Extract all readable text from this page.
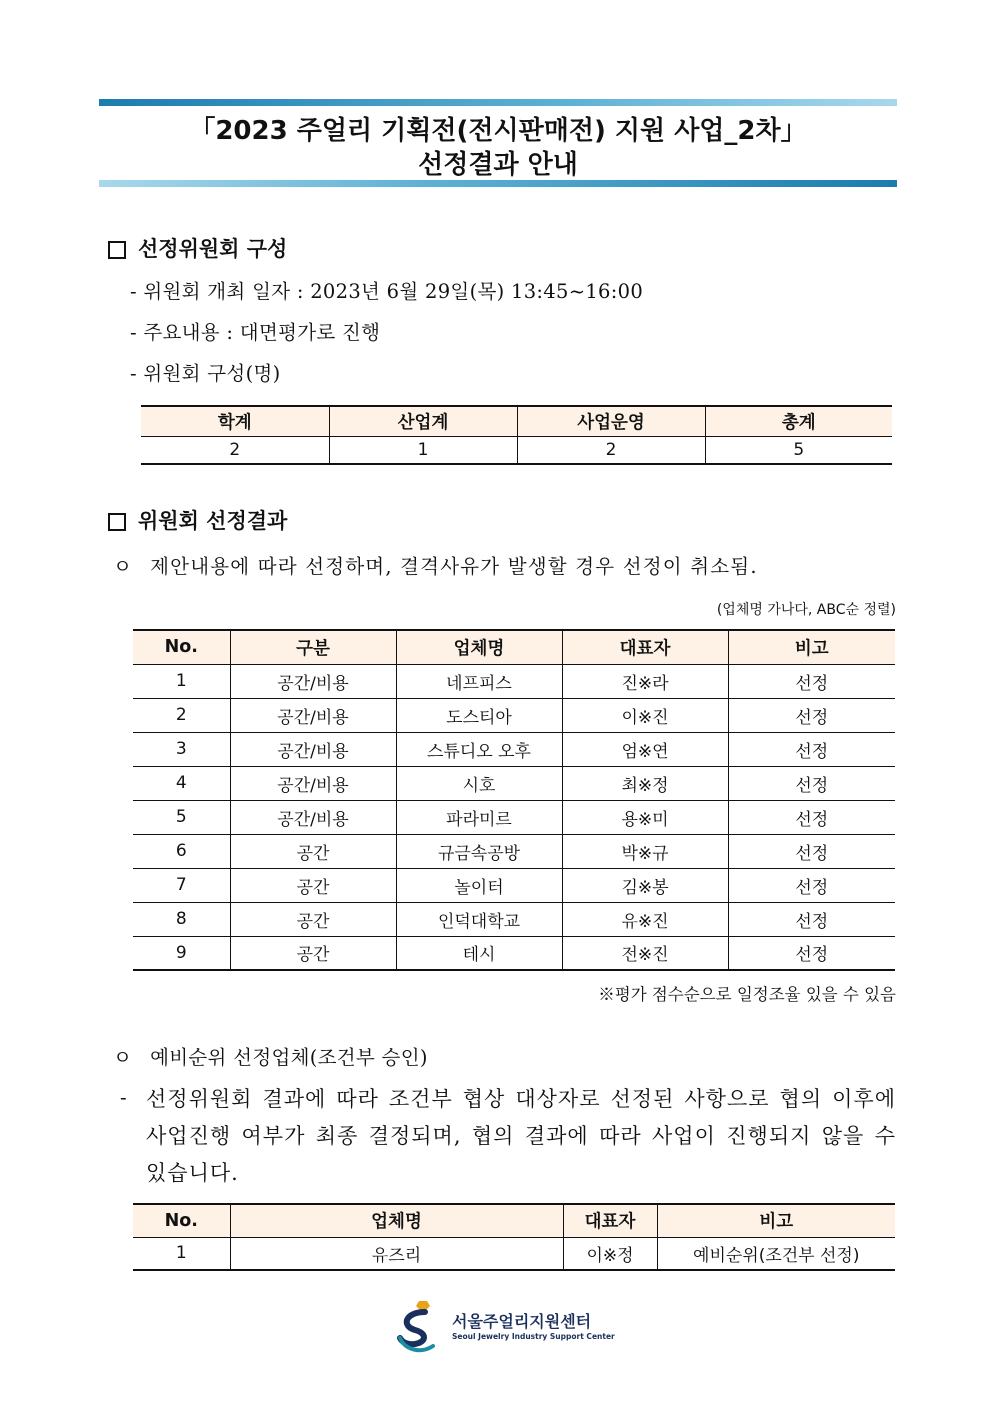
「2023 주얼리 기획전(전시판매전) 지원 사업_2차」
선정결과 안내
선정위원회 구성
- 위원회 개최 일자 : 2023년 6월 29일(목) 13:45~16:00
- 주요내용 : 대면평가로 진행
- 위원회 구성(명)
학계	산업계	사업운영	총계
2	1	2	5
위원회 선정결과
ㅇ 제안내용에 따라 선정하며, 결격사유가 발생할 경우 선정이 취소됨.
(업체명 가나다, ABC순 정렬)
No.	구분	업체명	대표자	비고
1	공간/비용	네프피스	진※라	선정
2	공간/비용	도스티아	이※진	선정
3	공간/비용	스튜디오 오후	엄※연	선정
4	공간/비용	시호	최※정	선정
5	공간/비용	파라미르	용※미	선정
6	공간	규금속공방	박※규	선정
7	공간	놀이터	김※봉	선정
8	공간	인덕대학교	유※진	선정
9	공간	테시	전※진	선정
※평가 점수순으로 일정조율 있을 수 있음
ㅇ 예비순위 선정업체(조건부 승인)
- 선정위원회 결과에 따라 조건부 협상 대상자로 선정된 사항으로 협의 이후에 사업진행 여부가 최종 결정되며, 협의 결과에 따라 사업이 진행되지 않을 수 있습니다.
No.	업체명	대표자	비고
1	유즈리	이※정	예비순위(조건부 선정)
서울주얼리지원센터
Seoul Jewelry Industry Support Center
